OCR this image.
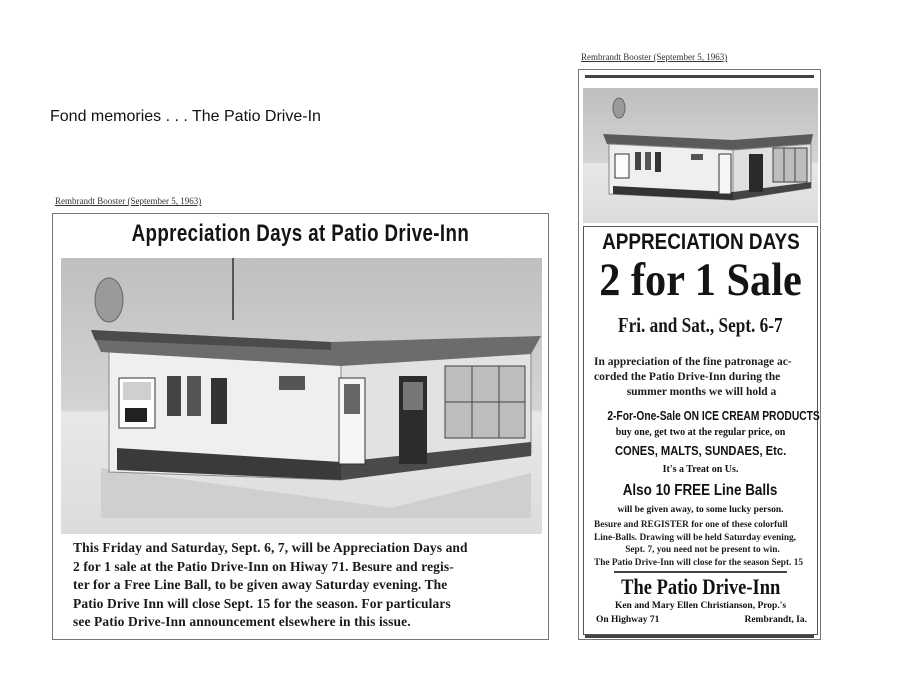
Fond memories . . . The Patio Drive-In
Rembrandt Booster (September 5, 1963)
Appreciation Days at Patio Drive-Inn
This Friday and Saturday, Sept. 6, 7, will be Appreciation Days and
2 for 1 sale at the Patio Drive-Inn on Hiway 71. Besure and regis-
ter for a Free Line Ball, to be given away Saturday evening. The
Patio Drive Inn will close Sept. 15 for the season. For particulars
see Patio Drive-Inn announcement elsewhere in this issue.
Rembrandt Booster (September 5, 1963)
APPRECIATION DAYS
2 for 1 Sale
Fri. and Sat., Sept. 6-7
In appreciation of the fine patronage ac-
corded the Patio Drive-Inn during the
summer months we will hold a
2-For-One-Sale ON ICE CREAM PRODUCTS
buy one, get two at the regular price, on
CONES, MALTS, SUNDAES, Etc.
It's a Treat on Us.
Also 10 FREE Line Balls
will be given away, to some lucky person.
Besure and REGISTER for one of these colorfull
Line-Balls. Drawing will be held Saturday evening,
Sept. 7, you need not be present to win.
The Patio Drive-Inn will close for the season Sept. 15
The Patio Drive-Inn
Ken and Mary Ellen Christianson, Prop.'s
On Highway 71	Rembrandt, Ia.
